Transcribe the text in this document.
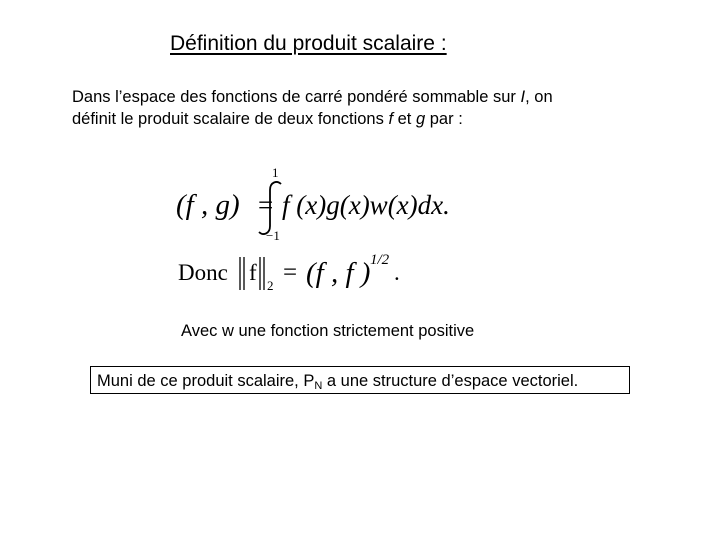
Définition du produit scalaire :
Dans l’espace des fonctions de carré pondéré sommable sur I, on
définit le produit scalaire de deux fonctions f et g par :
(f , g) =
1
−1
f (x)g(x)w(x)dx.
Donc f
2 = (f , f ) 1/2 .
Avec w une fonction strictement positive
Muni de ce produit scalaire, $P_N$ a une structure d’espace vectoriel.
